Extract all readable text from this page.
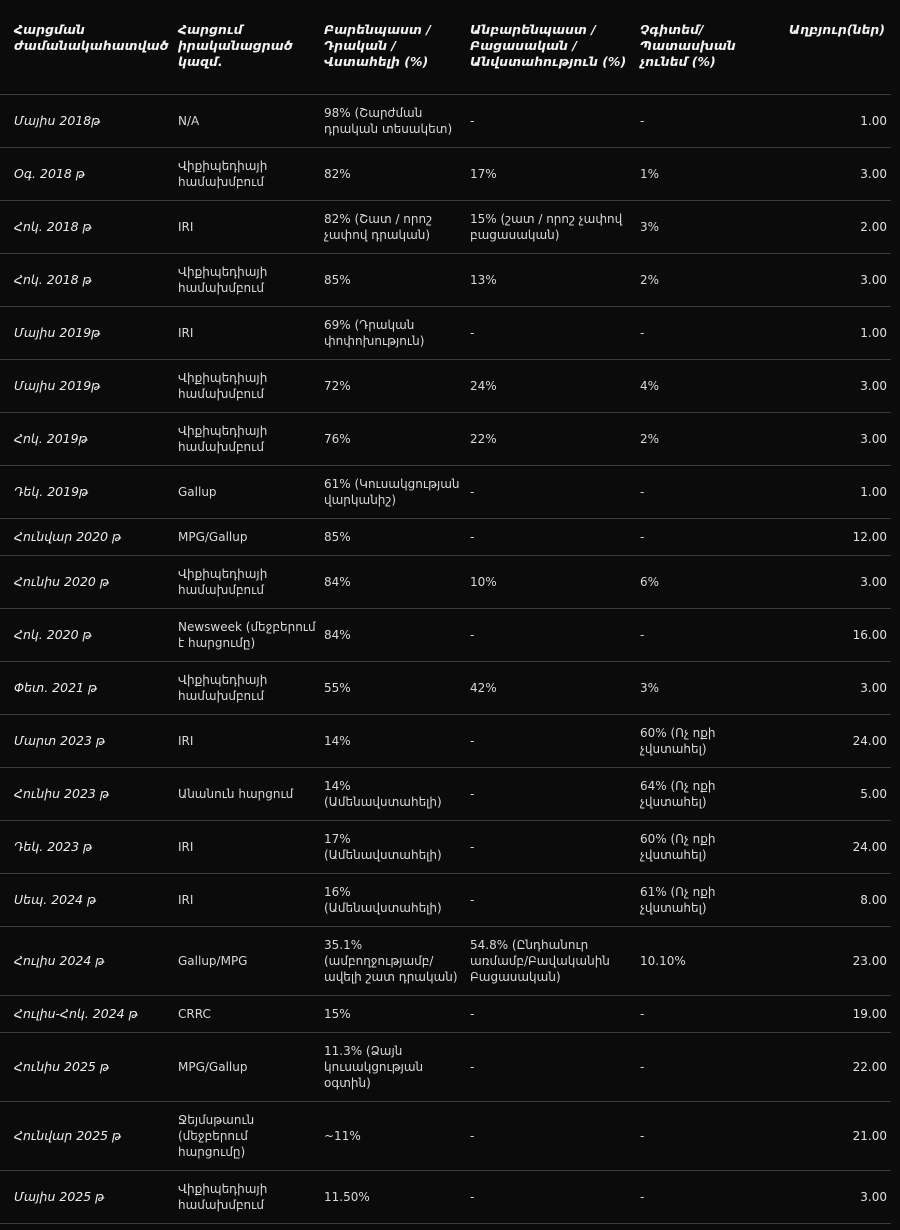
Հարցման ժամանակահատված	Հարցում իրականացրած կազմ.	Բարենպաստ / Դրական / Վստահելի (%)	Անբարենպաստ / Բացասական / Անվստահություն (%)	Չգիտեմ/ Պատասխան չունեմ (%)	Աղբյուր(ներ)

Մայիս 2018թ	N/A	98% (Շարժման դրական տեսակետ)	-	-	1.00

Օգ. 2018 թ	Վիքիպեդիայի համախմբում	82%	17%	1%	3.00

Հոկ. 2018 թ	IRI	82% (Շատ / որոշ չափով դրական)	15% (շատ / որոշ չափով բացասական)	3%	2.00

Հոկ. 2018 թ	Վիքիպեդիայի համախմբում	85%	13%	2%	3.00

Մայիս 2019թ	IRI	69% (Դրական փոփոխություն)	-	-	1.00

Մայիս 2019թ	Վիքիպեդիայի համախմբում	72%	24%	4%	3.00

Հոկ. 2019թ	Վիքիպեդիայի համախմբում	76%	22%	2%	3.00

Դեկ. 2019թ	Gallup	61% (Կուսակցության վարկանիշ)	-	-	1.00

Հունվար 2020 թ	MPG/Gallup	85%	-	-	12.00

Հունիս 2020 թ	Վիքիպեդիայի համախմբում	84%	10%	6%	3.00

Հոկ. 2020 թ	Newsweek (մեջբերում է հարցումը)	84%	-	-	16.00

Փետ. 2021 թ	Վիքիպեդիայի համախմբում	55%	42%	3%	3.00

Մարտ 2023 թ	IRI	14%	-	60% (Ոչ ոքի չվստահել)	24.00

Հունիս 2023 թ	Անանուն հարցում	14% (Ամենավստահելի)	-	64% (Ոչ ոքի չվստահել)	5.00

Դեկ. 2023 թ	IRI	17% (Ամենավստահելի)	-	60% (Ոչ ոքի չվստահել)	24.00

Սեպ. 2024 թ	IRI	16% (Ամենավստահելի)	-	61% (Ոչ ոքի չվստահել)	8.00

Հուլիս 2024 թ	Gallup/MPG	35.1% (ամբողջությամբ/ավելի շատ դրական)	54.8% (Ընդհանուր առմամբ/Բավականին Բացասական)	10.10%	23.00

Հուլիս-Հոկ. 2024 թ	CRRC	15%	-	-	19.00

Հունիս 2025 թ	MPG/Gallup	11.3% (Ձայն կուսակցության օգտին)	-	-	22.00

Հունվար 2025 թ	Ջեյմսթաուն (մեջբերում հարցումը)	~11%	-	-	21.00

Մայիս 2025 թ	Վիքիպեդիայի համախմբում	11.50%	-	-	3.00
